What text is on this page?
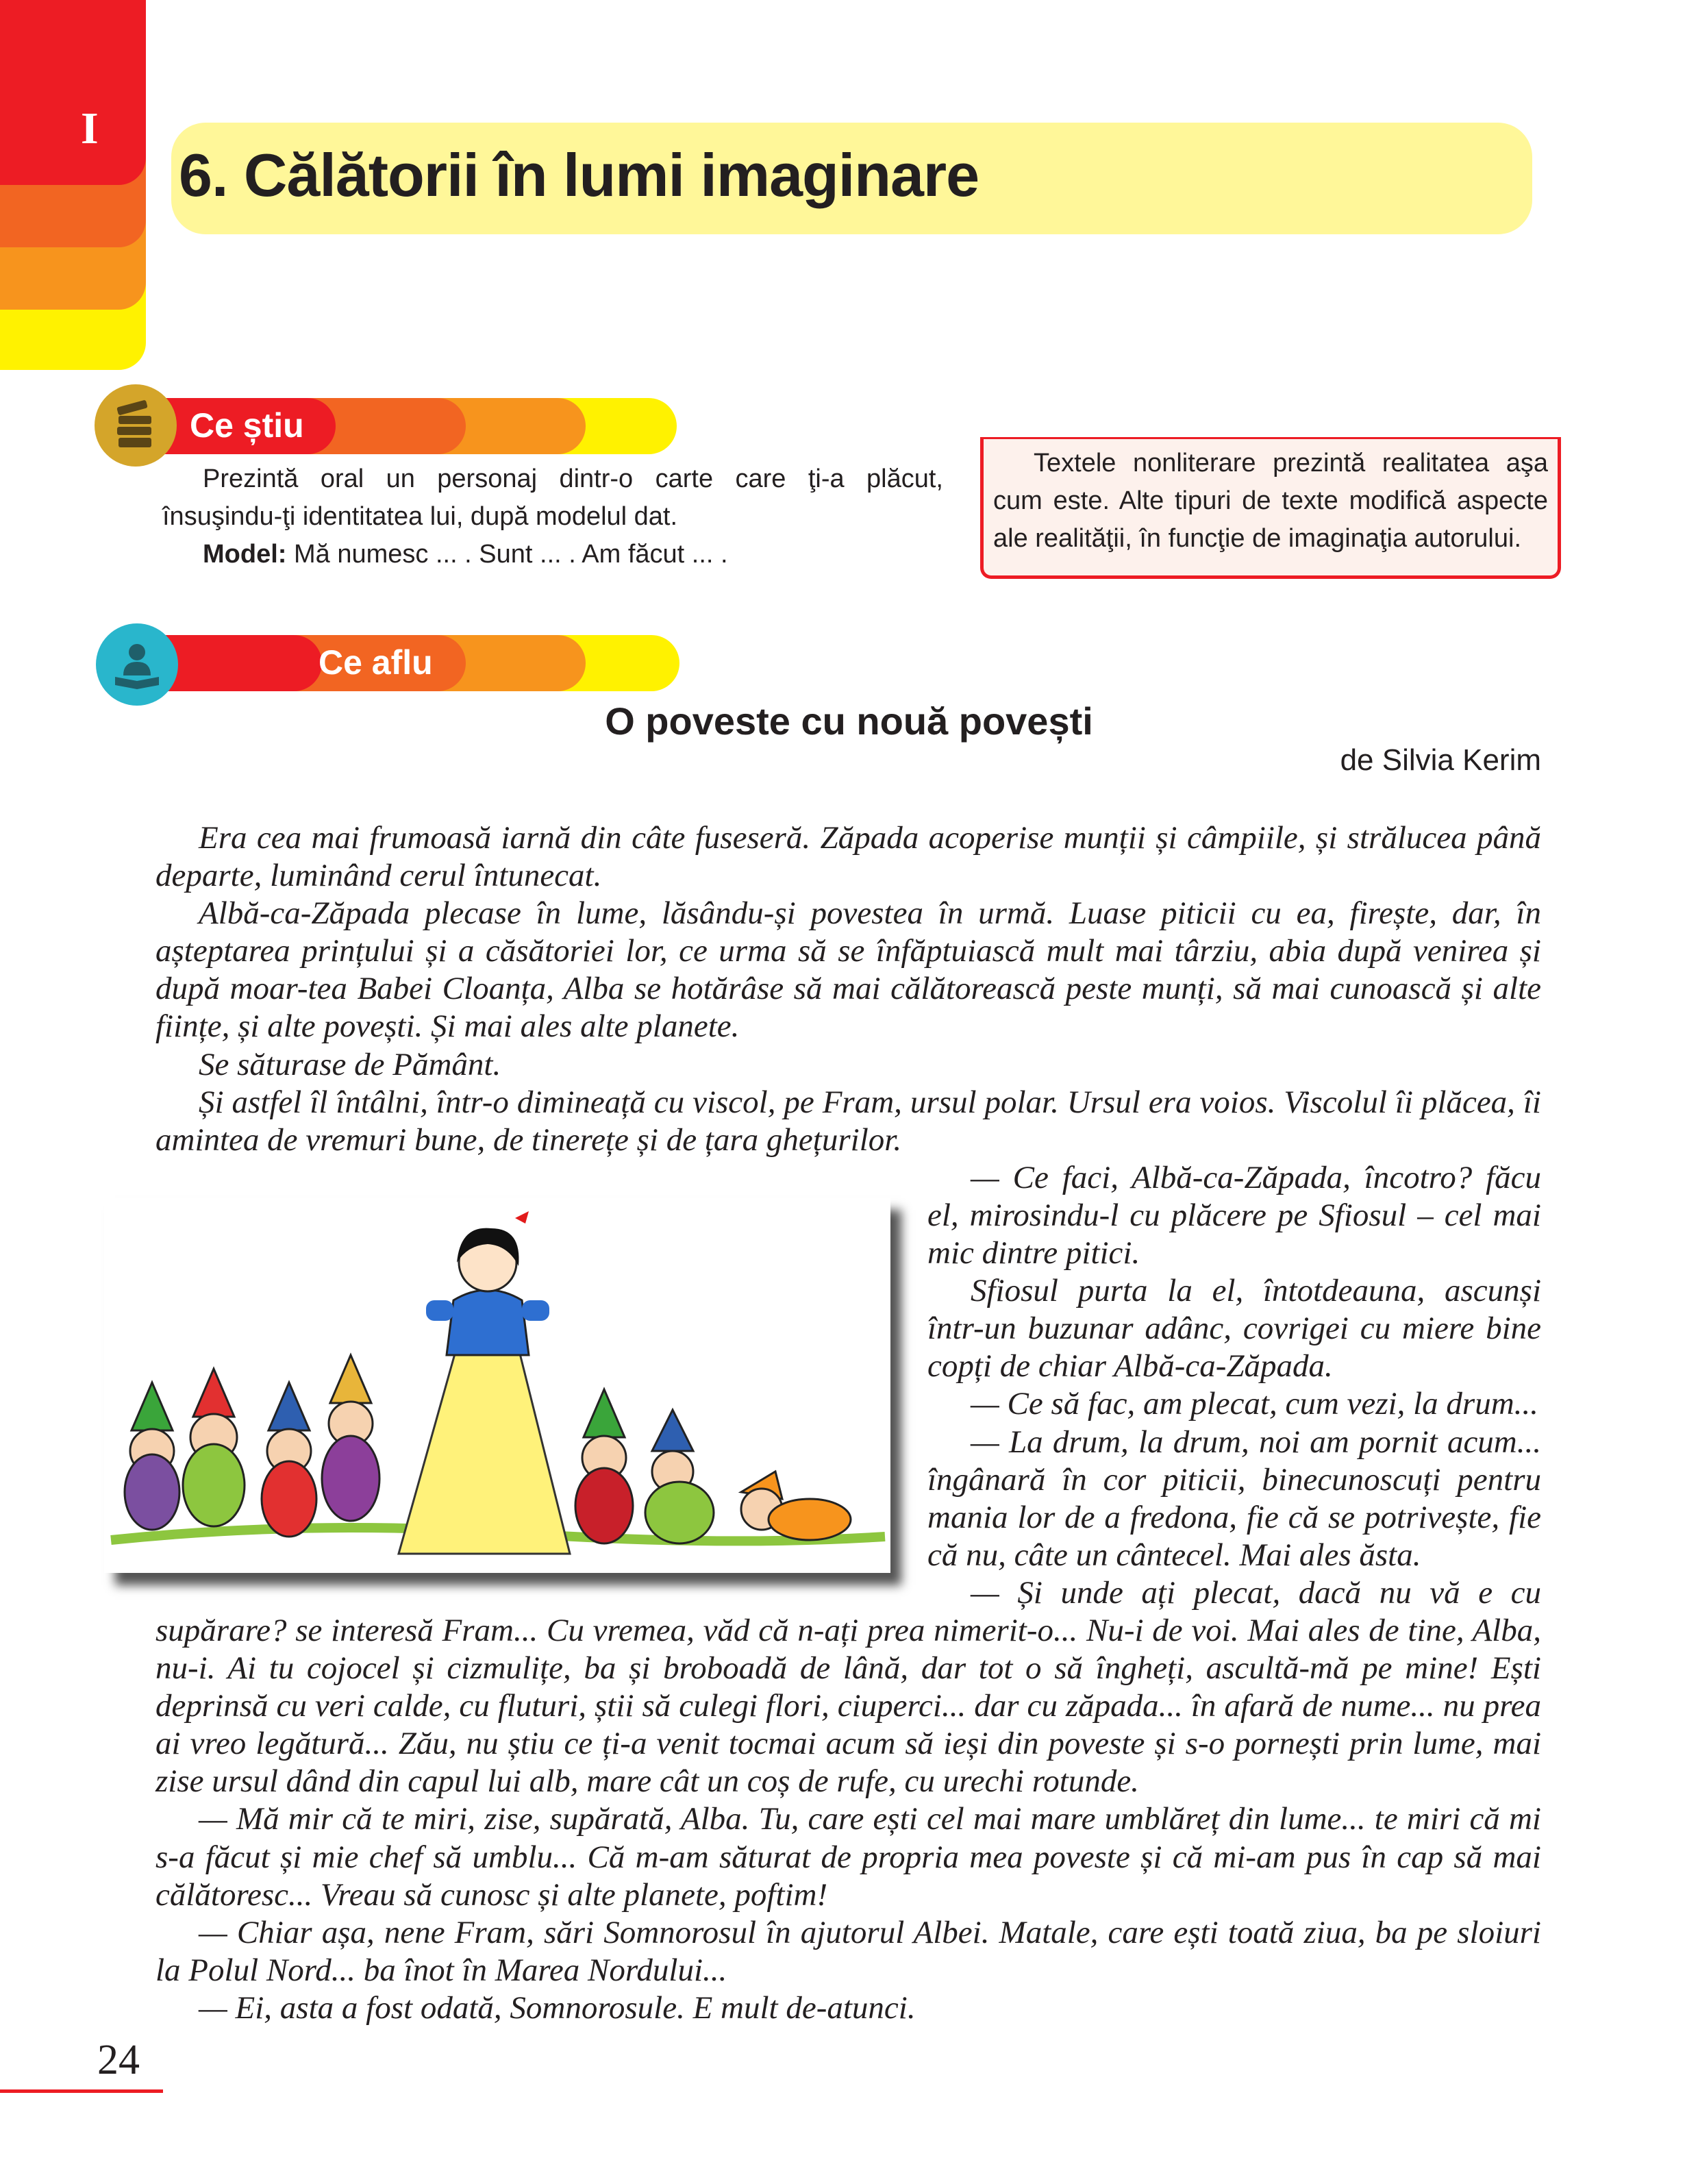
I
6. Călătorii în lumi imaginare
Ce știu

Prezintă oral un personaj dintr-o carte care ţi-a plăcut, însuşindu-ţi identitatea lui, după modelul dat.

Model: Mă numesc ... . Sunt ... . Am făcut ... .

Textele nonliterare prezintă realitatea aşa cum este. Alte tipuri de texte modifică aspecte ale realităţii, în funcţie de imaginaţia autorului.
Ce aflu
O poveste cu nouă povești
de Silvia Kerim

Era cea mai frumoasă iarnă din câte fuseseră. Zăpada acoperise munții și câmpiile, și strălucea până departe, luminând cerul întunecat.

Albă-ca-Zăpada plecase în lume, lăsându-și povestea în urmă. Luase piticii cu ea, firește, dar, în așteptarea prințului și a căsătoriei lor, ce urma să se înfăptuiască mult mai târziu, abia după venirea și după moar-tea Babei Cloanța, Alba se hotărâse să mai călătorească peste munți, să mai cunoască și alte ființe, și alte povești. Și mai ales alte planete.

Se săturase de Pământ.

Și astfel îl întâlni, într-o dimineață cu viscol, pe Fram, ursul polar. Ursul era voios. Viscolul îi plăcea, îi amintea de vremuri bune, de tinerețe și de țara ghețurilor.

— Ce faci, Albă-ca-Zăpada, încotro? făcu el, mirosindu-l cu plăcere pe Sfiosul – cel mai mic dintre pitici.

Sfiosul purta la el, întotdeauna, ascunși într-un buzunar adânc, covrigei cu miere bine copți de chiar Albă-ca-Zăpada.

— Ce să fac, am plecat, cum vezi, la drum...

— La drum, la drum, noi am pornit acum... îngânară în cor piticii, binecunoscuți pentru mania lor de a fredona, fie că se potrivește, fie că nu, câte un cântecel. Mai ales ăsta.

— Și unde ați plecat, dacă nu vă e cu supărare? se interesă Fram... Cu vremea, văd că n-ați prea nimerit-o... Nu-i de voi. Mai ales de tine, Alba, nu-i. Ai tu cojocel și cizmulițe, ba și broboadă de lână, dar tot o să îngheți, ascultă-mă pe mine! Ești deprinsă cu veri calde, cu fluturi, știi să culegi flori, ciuperci... dar cu zăpada... în afară de nume... nu prea ai vreo legătură... Zău, nu știu ce ți-a venit tocmai acum să ieși din poveste și s-o pornești prin lume, mai zise ursul dând din capul lui alb, mare cât un coș de rufe, cu urechi rotunde.

— Mă mir că te miri, zise, supărată, Alba. Tu, care ești cel mai mare umblăreț din lume... te miri că mi s-a făcut și mie chef să umblu... Că m-am săturat de propria mea poveste și că mi-am pus în cap să mai călătoresc... Vreau să cunosc și alte planete, poftim!

— Chiar așa, nene Fram, sări Somnorosul în ajutorul Albei. Matale, care ești toată ziua, ba pe sloiuri la Polul Nord... ba înot în Marea Nordului...

— Ei, asta a fost odată, Somnorosule. E mult de-atunci.

24
